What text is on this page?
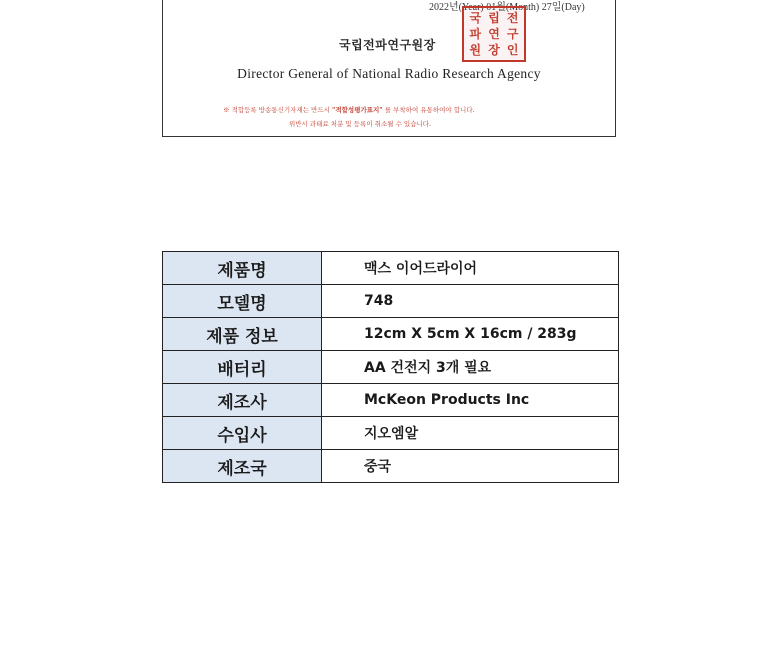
2022년(Year) 01월(Month) 27일(Day)
국립전파연구원장
국 립 전
파 연 구
원 장 인
Director General of National Radio Research Agency
※ 적합등록 방송통신기자재는 반드시 "적합성평가표지" 를 부착하여 유통하여야 합니다.
위반시 과태료 처분 및 등록이 취소될 수 있습니다.
제품명	맥스 이어드라이어
모델명	748
제품 정보	12cm X 5cm X 16cm / 283g
배터리	AA 건전지 3개 필요
제조사	McKeon Products Inc
수입사	지오엠알
제조국	중국
